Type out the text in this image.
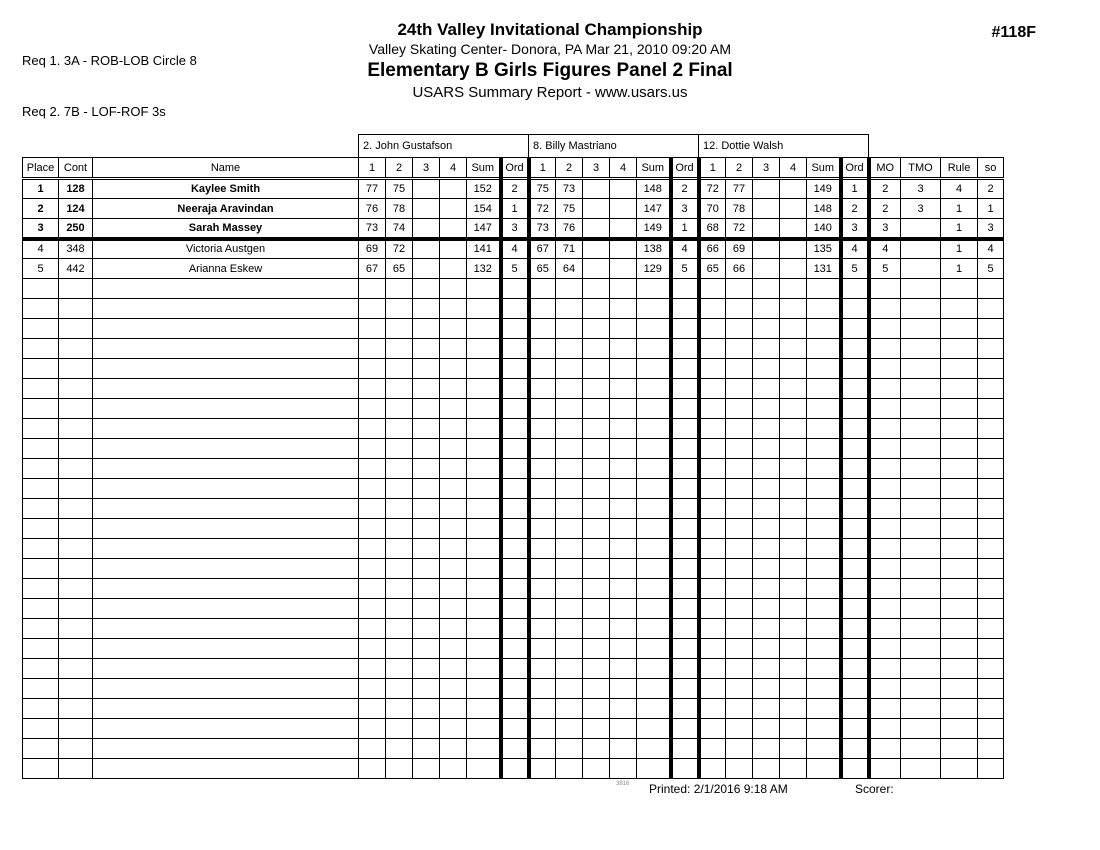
Req 1. 3A - ROB-LOB Circle 8

Req 2. 7B - LOF-ROF 3s

24th Valley Invitational Championship
Valley Skating Center- Donora, PA Mar 21, 2010 09:20 AM
Elementary B Girls Figures Panel 2 Final
USARS Summary Report - www.usars.us
#118F
			2. John Gustafson						8. Billy Mastriano						12. Dottie Walsh									
Place	Cont	Name	1	2	3	4	Sum	Ord	1	2	3	4	Sum	Ord	1	2	3	4	Sum	Ord	MO	TMO	Rule	so
1	128	Kaylee Smith	77	75			152	2	75	73			148	2	72	77			149	1	2	3	4	2
2	124	Neeraja Aravindan	76	78			154	1	72	75			147	3	70	78			148	2	2	3	1	1
3	250	Sarah Massey	73	74			147	3	73	76			149	1	68	72			140	3	3		1	3
4	348	Victoria Austgen	69	72			141	4	67	71			138	4	66	69			135	4	4		1	4
5	442	Arianna Eskew	67	65			132	5	65	64			129	5	65	66			131	5	5		1	5

3816 Printed: 2/1/2016 9:18 AM	Scorer:
